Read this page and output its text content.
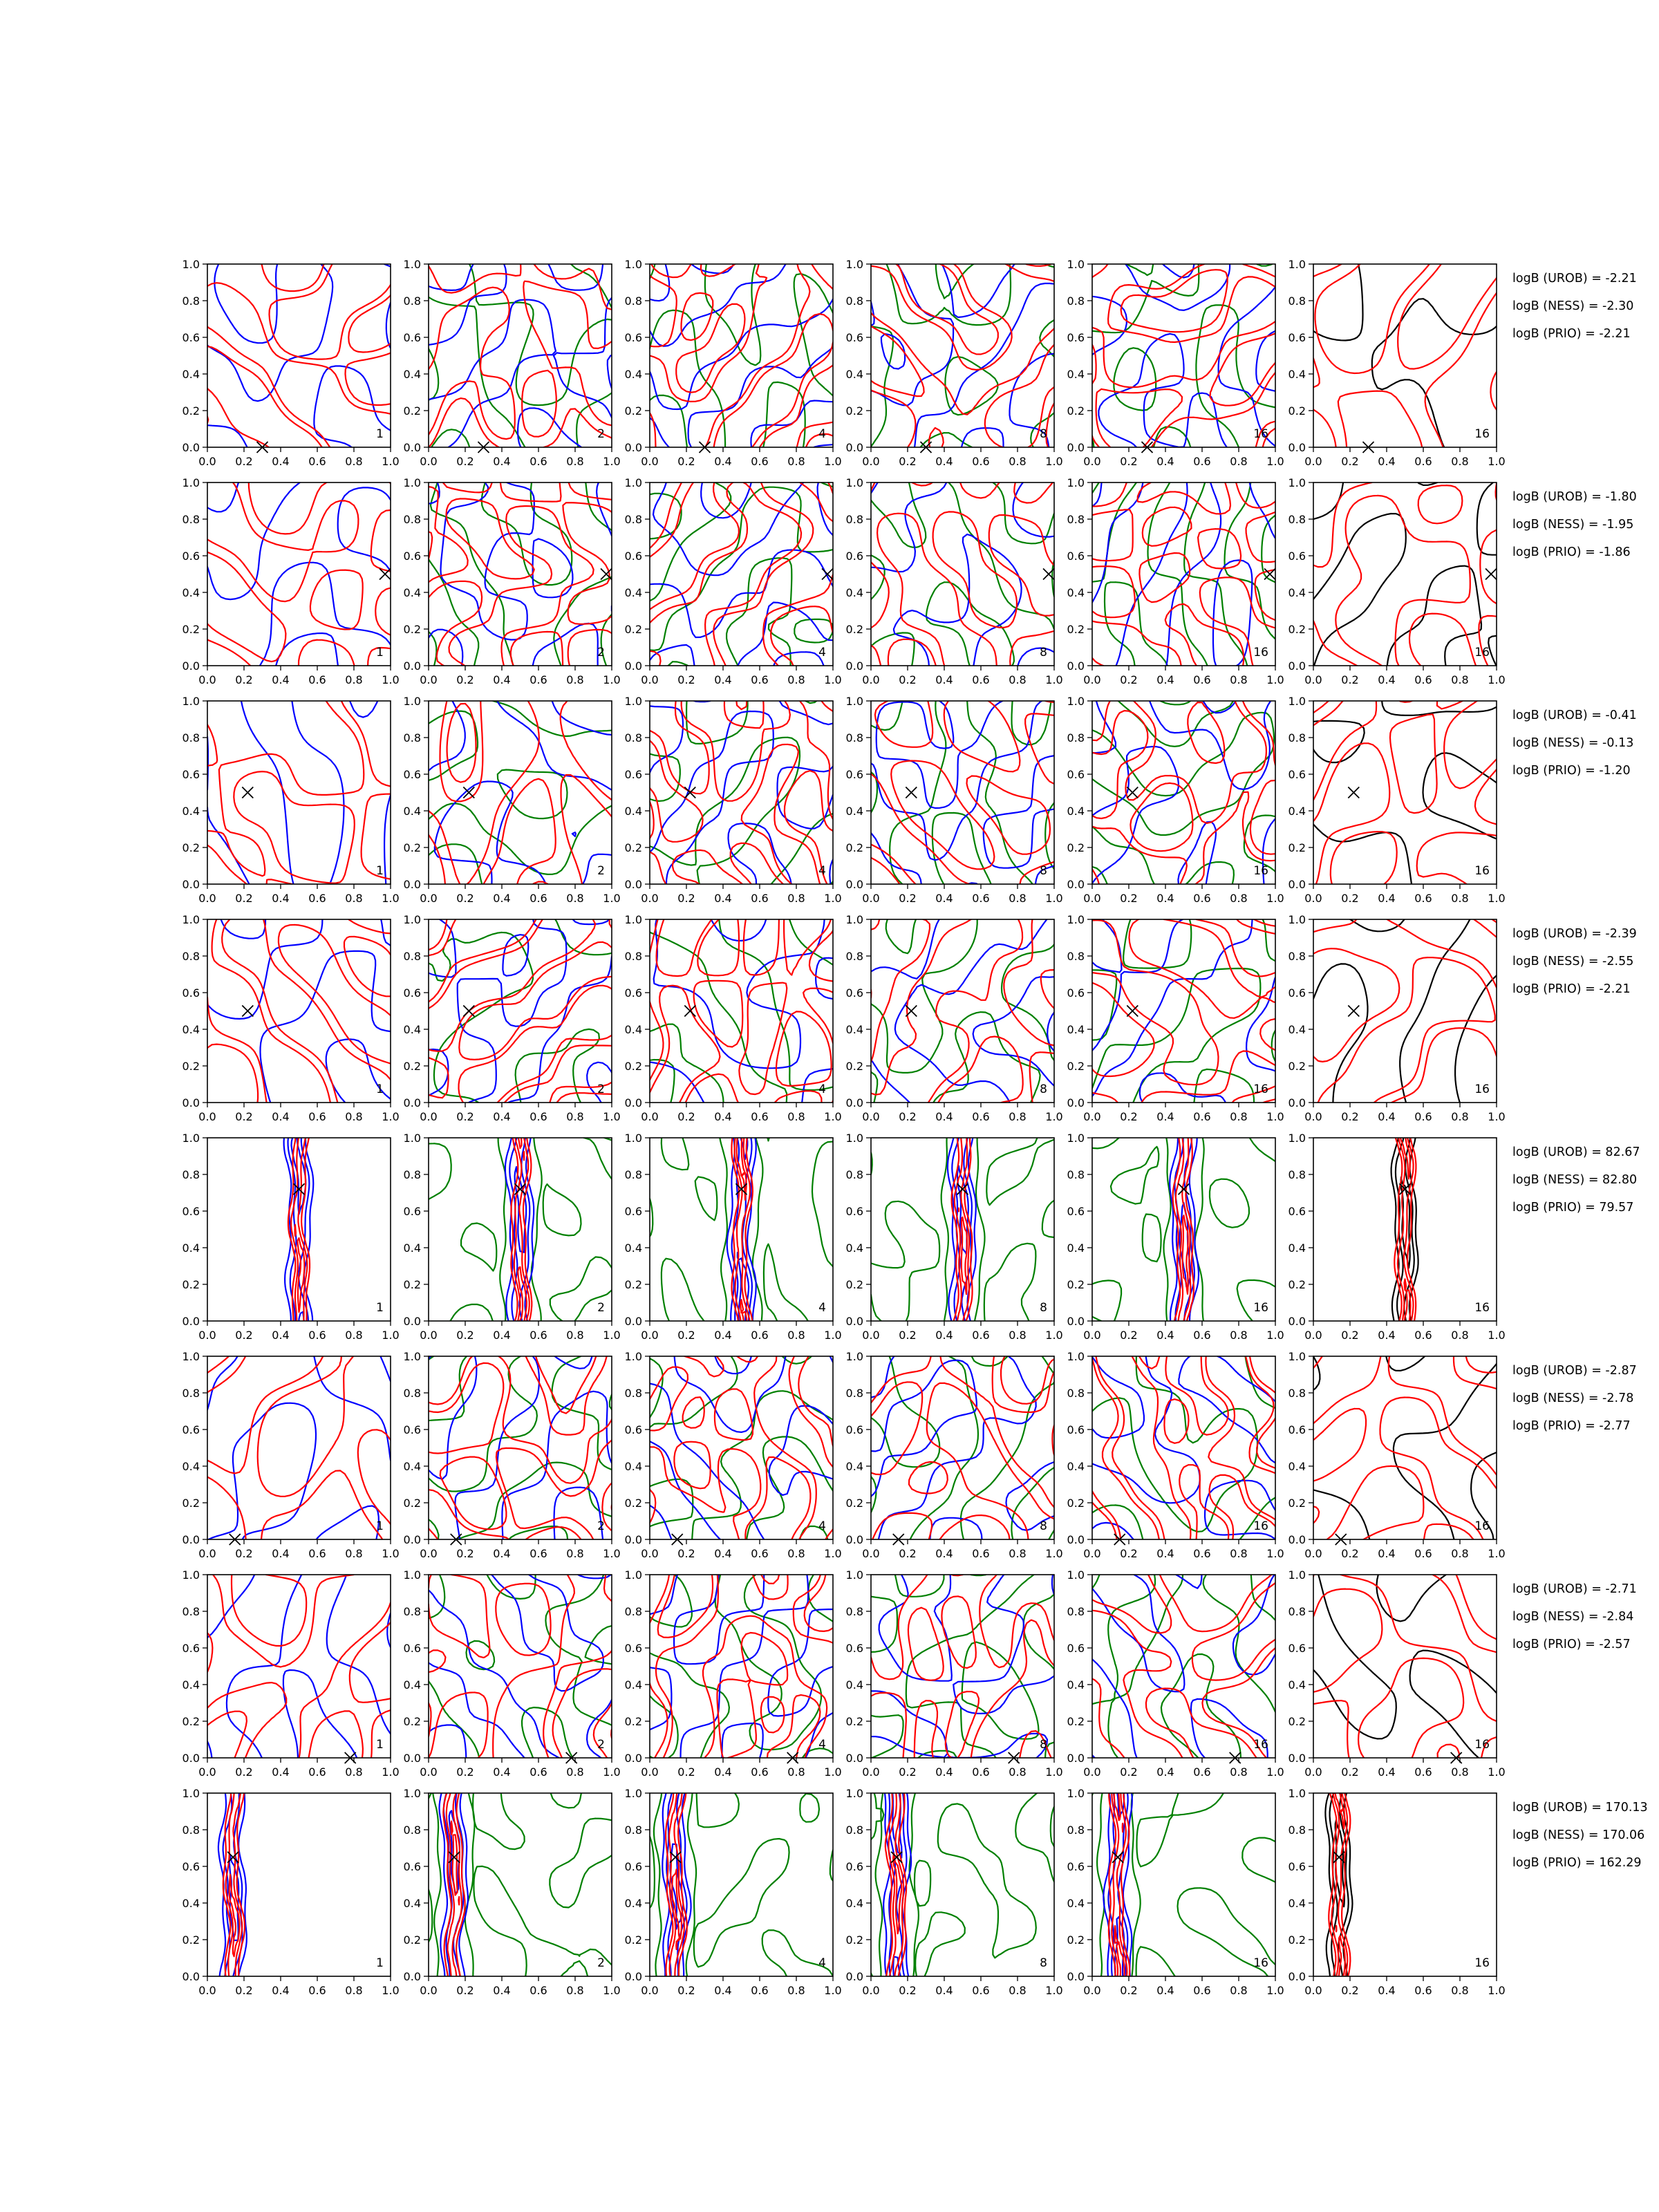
0.0
0.0
0.2
0.2
0.4
0.4
0.6
0.6
0.8
0.8
1.0
1.0
1
0.0
0.0
0.2
0.2
0.4
0.4
0.6
0.6
0.8
0.8
1.0
1.0
2
0.0
0.0
0.2
0.2
0.4
0.4
0.6
0.6
0.8
0.8
1.0
1.0
4
0.0
0.0
0.2
0.2
0.4
0.4
0.6
0.6
0.8
0.8
1.0
1.0
8
0.0
0.0
0.2
0.2
0.4
0.4
0.6
0.6
0.8
0.8
1.0
1.0
16
0.0
0.0
0.2
0.2
0.4
0.4
0.6
0.6
0.8
0.8
1.0
1.0
16
logB (UROB) = -2.21
logB (NESS) = -2.30
logB (PRIO) = -2.21
0.0
0.0
0.2
0.2
0.4
0.4
0.6
0.6
0.8
0.8
1.0
1.0
1
0.0
0.0
0.2
0.2
0.4
0.4
0.6
0.6
0.8
0.8
1.0
1.0
2
0.0
0.0
0.2
0.2
0.4
0.4
0.6
0.6
0.8
0.8
1.0
1.0
4
0.0
0.0
0.2
0.2
0.4
0.4
0.6
0.6
0.8
0.8
1.0
1.0
8
0.0
0.0
0.2
0.2
0.4
0.4
0.6
0.6
0.8
0.8
1.0
1.0
16
0.0
0.0
0.2
0.2
0.4
0.4
0.6
0.6
0.8
0.8
1.0
1.0
16
logB (UROB) = -1.80
logB (NESS) = -1.95
logB (PRIO) = -1.86
0.0
0.0
0.2
0.2
0.4
0.4
0.6
0.6
0.8
0.8
1.0
1.0
1
0.0
0.0
0.2
0.2
0.4
0.4
0.6
0.6
0.8
0.8
1.0
1.0
2
0.0
0.0
0.2
0.2
0.4
0.4
0.6
0.6
0.8
0.8
1.0
1.0
4
0.0
0.0
0.2
0.2
0.4
0.4
0.6
0.6
0.8
0.8
1.0
1.0
8
0.0
0.0
0.2
0.2
0.4
0.4
0.6
0.6
0.8
0.8
1.0
1.0
16
0.0
0.0
0.2
0.2
0.4
0.4
0.6
0.6
0.8
0.8
1.0
1.0
16
logB (UROB) = -0.41
logB (NESS) = -0.13
logB (PRIO) = -1.20
0.0
0.0
0.2
0.2
0.4
0.4
0.6
0.6
0.8
0.8
1.0
1.0
1
0.0
0.0
0.2
0.2
0.4
0.4
0.6
0.6
0.8
0.8
1.0
1.0
2
0.0
0.0
0.2
0.2
0.4
0.4
0.6
0.6
0.8
0.8
1.0
1.0
4
0.0
0.0
0.2
0.2
0.4
0.4
0.6
0.6
0.8
0.8
1.0
1.0
8
0.0
0.0
0.2
0.2
0.4
0.4
0.6
0.6
0.8
0.8
1.0
1.0
16
0.0
0.0
0.2
0.2
0.4
0.4
0.6
0.6
0.8
0.8
1.0
1.0
16
logB (UROB) = -2.39
logB (NESS) = -2.55
logB (PRIO) = -2.21
0.0
0.0
0.2
0.2
0.4
0.4
0.6
0.6
0.8
0.8
1.0
1.0
1
0.0
0.0
0.2
0.2
0.4
0.4
0.6
0.6
0.8
0.8
1.0
1.0
2
0.0
0.0
0.2
0.2
0.4
0.4
0.6
0.6
0.8
0.8
1.0
1.0
4
0.0
0.0
0.2
0.2
0.4
0.4
0.6
0.6
0.8
0.8
1.0
1.0
8
0.0
0.0
0.2
0.2
0.4
0.4
0.6
0.6
0.8
0.8
1.0
1.0
16
0.0
0.0
0.2
0.2
0.4
0.4
0.6
0.6
0.8
0.8
1.0
1.0
16
logB (UROB) = 82.67
logB (NESS) = 82.80
logB (PRIO) = 79.57
0.0
0.0
0.2
0.2
0.4
0.4
0.6
0.6
0.8
0.8
1.0
1.0
1
0.0
0.0
0.2
0.2
0.4
0.4
0.6
0.6
0.8
0.8
1.0
1.0
2
0.0
0.0
0.2
0.2
0.4
0.4
0.6
0.6
0.8
0.8
1.0
1.0
4
0.0
0.0
0.2
0.2
0.4
0.4
0.6
0.6
0.8
0.8
1.0
1.0
8
0.0
0.0
0.2
0.2
0.4
0.4
0.6
0.6
0.8
0.8
1.0
1.0
16
0.0
0.0
0.2
0.2
0.4
0.4
0.6
0.6
0.8
0.8
1.0
1.0
16
logB (UROB) = -2.87
logB (NESS) = -2.78
logB (PRIO) = -2.77
0.0
0.0
0.2
0.2
0.4
0.4
0.6
0.6
0.8
0.8
1.0
1.0
1
0.0
0.0
0.2
0.2
0.4
0.4
0.6
0.6
0.8
0.8
1.0
1.0
2
0.0
0.0
0.2
0.2
0.4
0.4
0.6
0.6
0.8
0.8
1.0
1.0
4
0.0
0.0
0.2
0.2
0.4
0.4
0.6
0.6
0.8
0.8
1.0
1.0
8
0.0
0.0
0.2
0.2
0.4
0.4
0.6
0.6
0.8
0.8
1.0
1.0
16
0.0
0.0
0.2
0.2
0.4
0.4
0.6
0.6
0.8
0.8
1.0
1.0
16
logB (UROB) = -2.71
logB (NESS) = -2.84
logB (PRIO) = -2.57
0.0
0.0
0.2
0.2
0.4
0.4
0.6
0.6
0.8
0.8
1.0
1.0
1
0.0
0.0
0.2
0.2
0.4
0.4
0.6
0.6
0.8
0.8
1.0
1.0
2
0.0
0.0
0.2
0.2
0.4
0.4
0.6
0.6
0.8
0.8
1.0
1.0
4
0.0
0.0
0.2
0.2
0.4
0.4
0.6
0.6
0.8
0.8
1.0
1.0
8
0.0
0.0
0.2
0.2
0.4
0.4
0.6
0.6
0.8
0.8
1.0
1.0
16
0.0
0.0
0.2
0.2
0.4
0.4
0.6
0.6
0.8
0.8
1.0
1.0
16
logB (UROB) = 170.13
logB (NESS) = 170.06
logB (PRIO) = 162.29
